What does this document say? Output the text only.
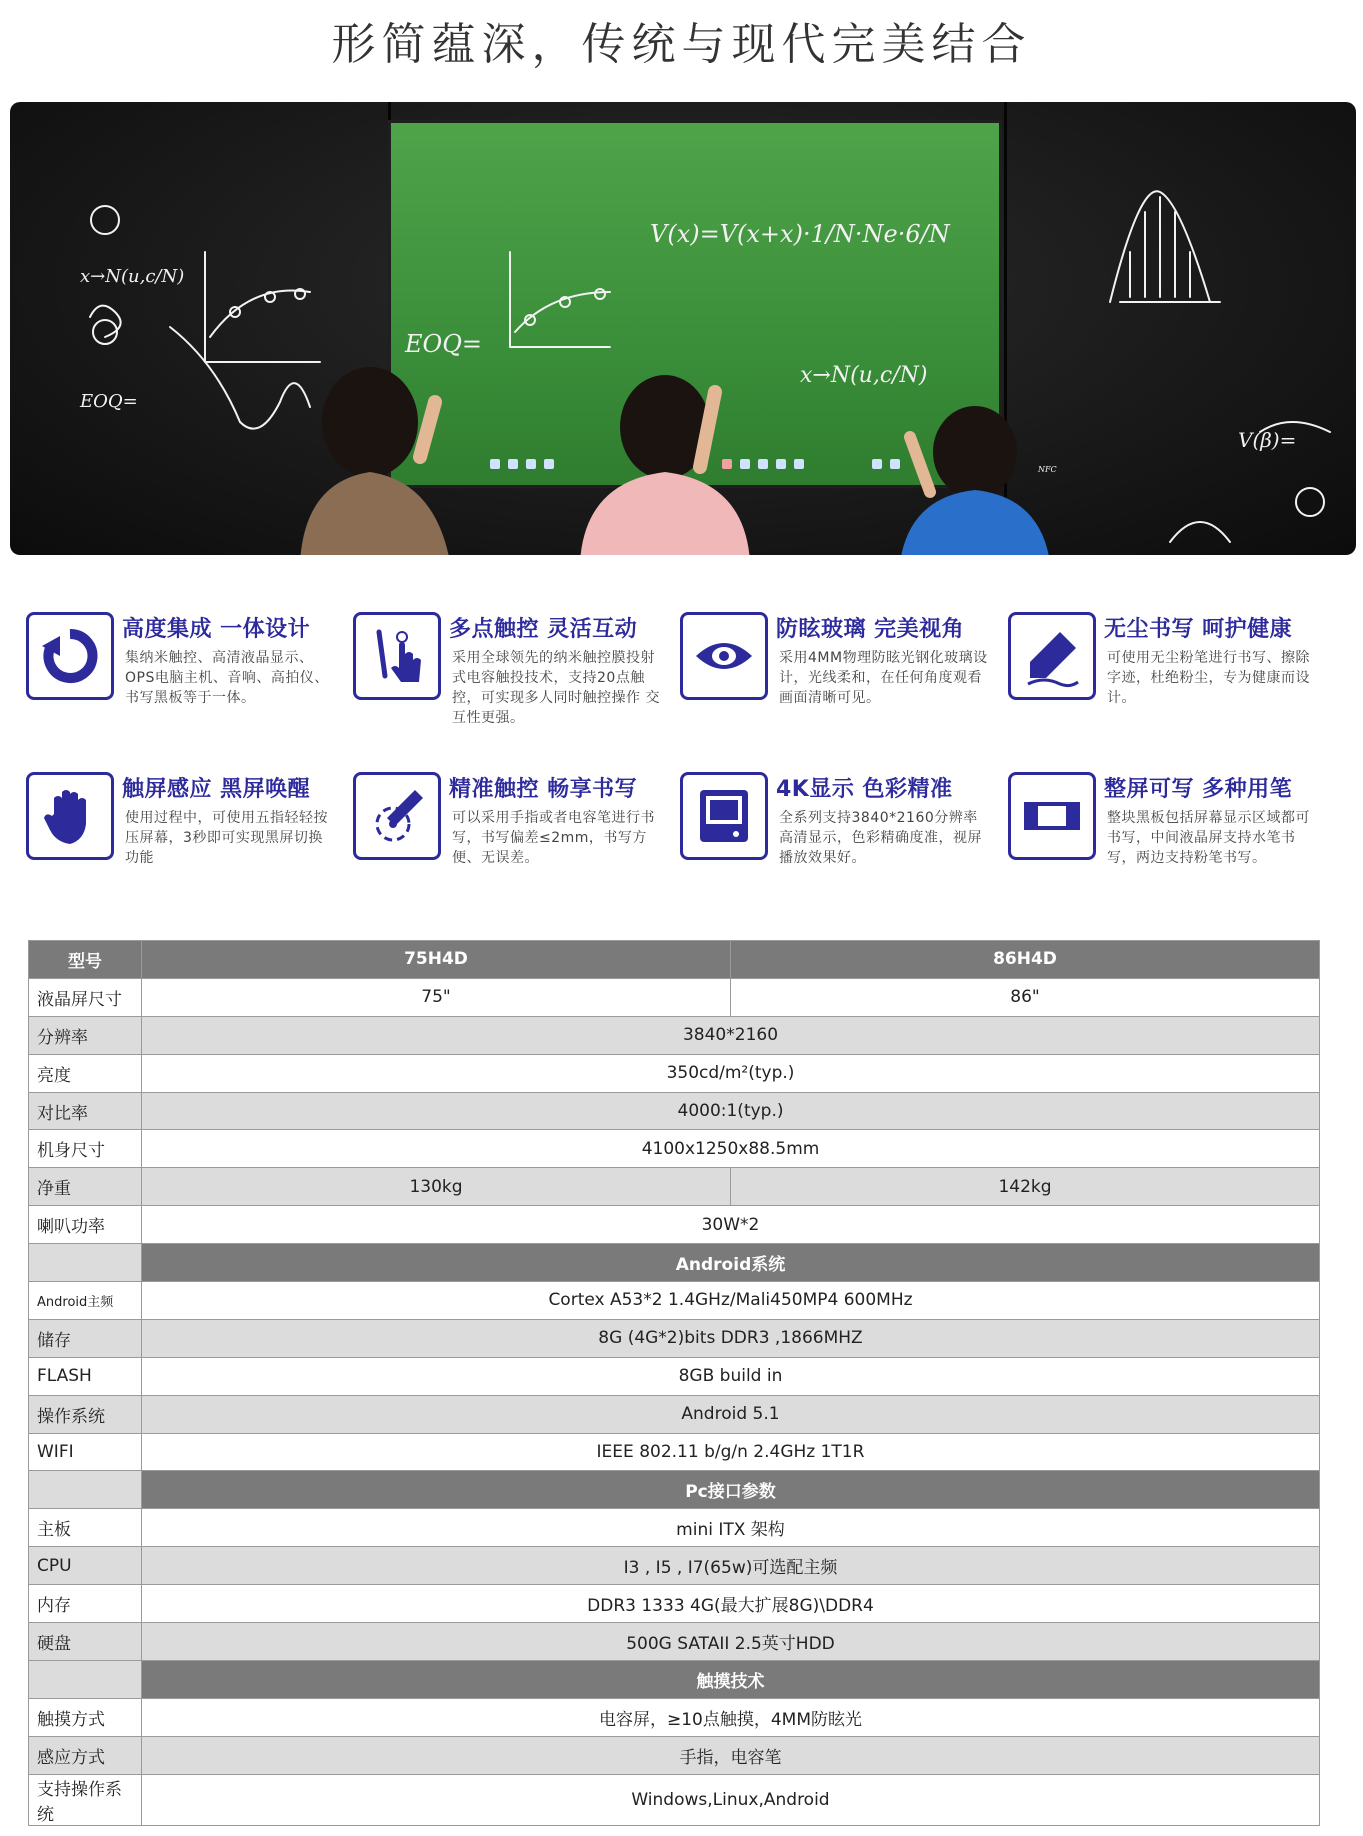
形简蕴深，传统与现代完美结合
V(x)=V(x+x)·1/N·Ne·6/N
EOQ=
EOQ=
V(β)=
x→N(u,c/N)
x→N(u,c/N)
NFC
高度集成 一体设计
集纳米触控、高清液晶显示、OPS电脑主机、音响、高拍仪、书写黑板等于一体。
多点触控 灵活互动
采用全球领先的纳米触控膜投射式电容触投技术，支持20点触控，可实现多人同时触控操作 交互性更强。
防眩玻璃 完美视角
采用4MM物理防眩光钢化玻璃设计，光线柔和，在任何角度观看画面清晰可见。
无尘书写 呵护健康
可使用无尘粉笔进行书写、擦除字迹，杜绝粉尘，专为健康而设计。
触屏感应 黑屏唤醒
使用过程中，可使用五指轻轻按压屏幕，3秒即可实现黑屏切换功能
精准触控 畅享书写
可以采用手指或者电容笔进行书写，书写偏差≤2mm，书写方便、无误差。
4K显示 色彩精准
全系列支持3840*2160分辨率高清显示，色彩精确度准，视屏播放效果好。
整屏可写 多种用笔
整块黑板包括屏幕显示区域都可书写，中间液晶屏支持水笔书写，两边支持粉笔书写。
型号	75H4D	86H4D
液晶屏尺寸	75"	86"
分辨率	3840*2160	
亮度	350cd/m²(typ.)	
对比率	4000:1(typ.)	
机身尺寸	4100x1250x88.5mm	
净重	130kg	142kg
喇叭功率	30W*2	
	Android系统	
Android主频	Cortex A53*2 1.4GHz/Mali450MP4 600MHz	
储存	8G (4G*2)bits DDR3 ,1866MHZ	
FLASH	8GB build in	
操作系统	Android 5.1	
WIFI	IEEE 802.11 b/g/n 2.4GHz 1T1R	
	Pc接口参数	
主板	mini ITX 架构	
CPU	I3 , I5 , I7(65w)可选配主频	
内存	DDR3 1333 4G(最大扩展8G)\DDR4	
硬盘	500G SATAII 2.5英寸HDD	
	触摸技术	
触摸方式	电容屏，≥10点触摸，4MM防眩光	
感应方式	手指，电容笔	
支持操作系统	Windows,Linux,Android	
